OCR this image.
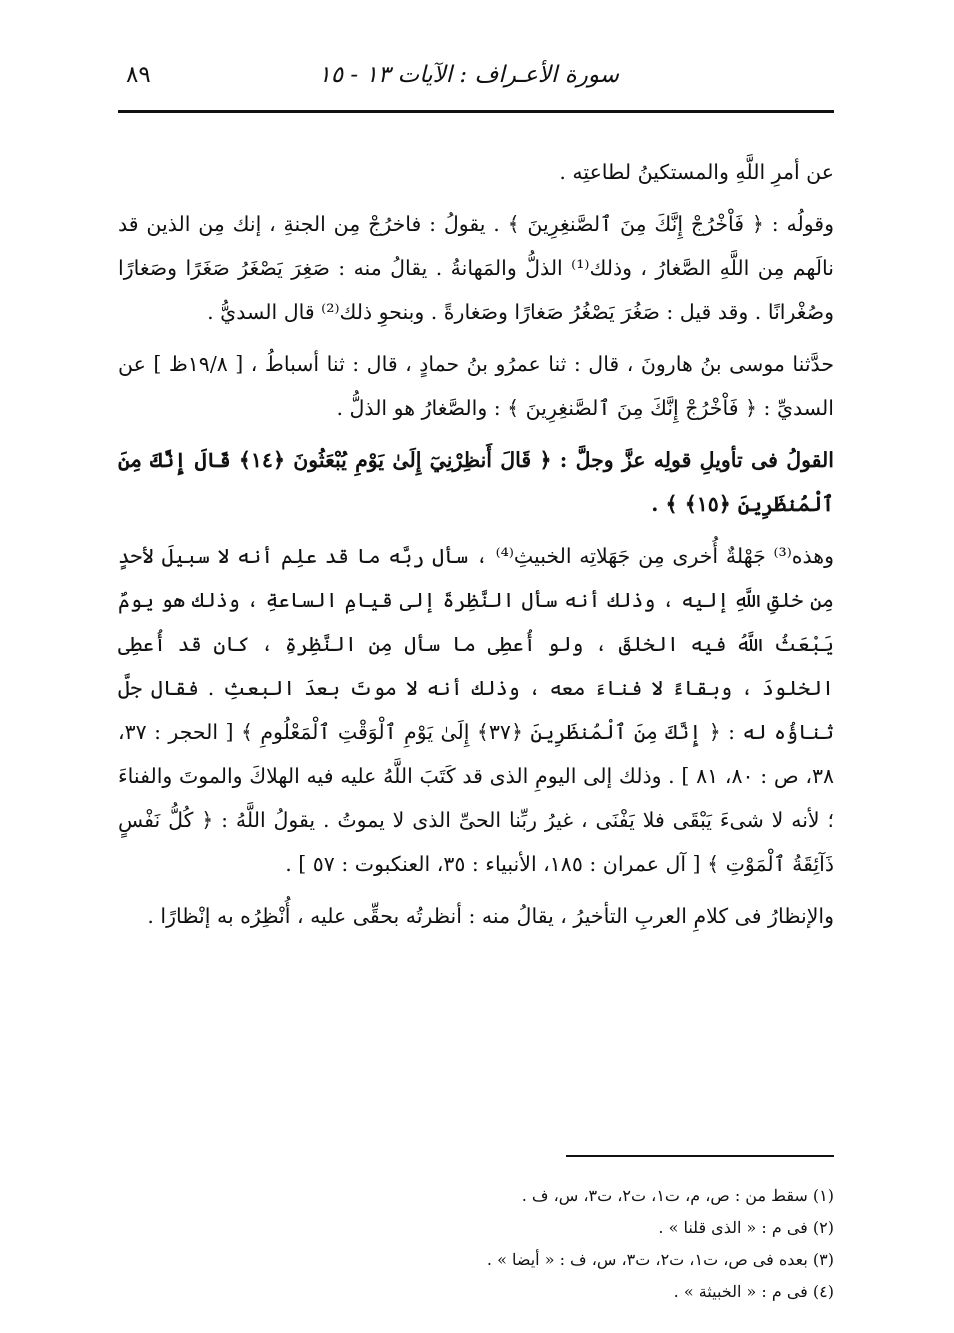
سورة الأعـراف : الآيات ١٣ - ١٥
٨٩

عن أمرِ اللَّهِ والمستكينُ لطاعتِه .

وقولُه : ﴿ فَاْخْرُجْ إِنَّكَ مِنَ ٱلصَّنغِرِينَ ﴾ . يقولُ : فاخرُجْ مِن الجنةِ ، إنك مِن الذين قد نالَهم مِن اللَّهِ الصَّغارُ ، وذلك⁽¹⁾ الذلُّ والمَهانةُ . يقالُ منه : صَغِرَ يَصْغَرُ صَغَرًا وصَغارًا وصُغْرانًا . وقد قيل : صَغُرَ يَصْغُرُ صَغارًا وصَغارةً . وبنحوِ ذلك⁽²⁾ قال السديُّ .

حدَّثنا موسى بنُ هارونَ ، قال : ثنا عمرُو بنُ حمادٍ ، قال : ثنا أسباطُ ، [ ١٩/٨ظ ] عن السديِّ : ﴿ فَاْخْرُجْ إِنَّكَ مِنَ ٱلصَّنغِرِينَ ﴾ : والصَّغارُ هو الذلُّ .

القولُ فى تأويلِ قولِه عزَّ وجلَّ : ﴿ قَالَ أَنظِرْنِيٓ إِلَىٰ يَوْمِ يُبْعَثُونَ ﴿١٤﴾ قَالَ إِنَّكَ مِنَ ٱلْمُنظَرِينَ ﴿١٥﴾ ﴾ .

وهذه⁽³⁾ جَهْلةٌ أُخرى مِن جَهَلاتِه الخبيثِ⁽⁴⁾ ، سأل ربَّه ما قد علِم أنه لا سبيلَ لأحدٍ مِن خلقِ اللَّهِ إليه ، وذلك أنه سأل النَّظِرةَ إلى قيامِ الساعةِ ، وذلك هو يومٌ يَبْعَثُ اللَّهُ فيه الخلقَ ، ولو أُعطِى ما سأل مِن النَّظِرةِ ، كان قد أُعطِى الخلودَ ، وبقاءً لا فناءَ معه ، وذلك أنه لا موتَ بعدَ البعثِ . فقال جلَّ ثناؤُه له : ﴿ إِنَّكَ مِنَ ٱلْمُنظَرِينَ ﴿٣٧﴾ إِلَىٰ يَوْمِ ٱلْوَقْتِ ٱلْمَعْلُومِ ﴾ [ الحجر : ٣٧، ٣٨، ص : ٨٠، ٨١ ] . وذلك إلى اليومِ الذى قد كَتَبَ اللَّهُ عليه فيه الهلاكَ والموتَ والفناءَ ؛ لأنه لا شىءَ يَبْقَى فلا يَفْنَى ، غيرُ ربِّنا الحىِّ الذى لا يموتُ . يقولُ اللَّهُ : ﴿ كُلُّ نَفْسٍ ذَآئِقَةُ ٱلْمَوْتِ ﴾ [ آل عمران : ١٨٥، الأنبياء : ٣٥، العنكبوت : ٥٧ ] .

والإنظارُ فى كلامِ العربِ التأخيرُ ، يقالُ منه : أنظرتُه بحقِّى عليه ، أُنْظِرُه به إنْظارًا .

(١) سقط من : ص، م، ت١، ت٢، ت٣، س، ف .

(٢) فى م : « الذى قلنا » .

(٣) بعده فى ص، ت١، ت٢، ت٣، س، ف : « أيضا » .

(٤) فى م : « الخبيثة » .
